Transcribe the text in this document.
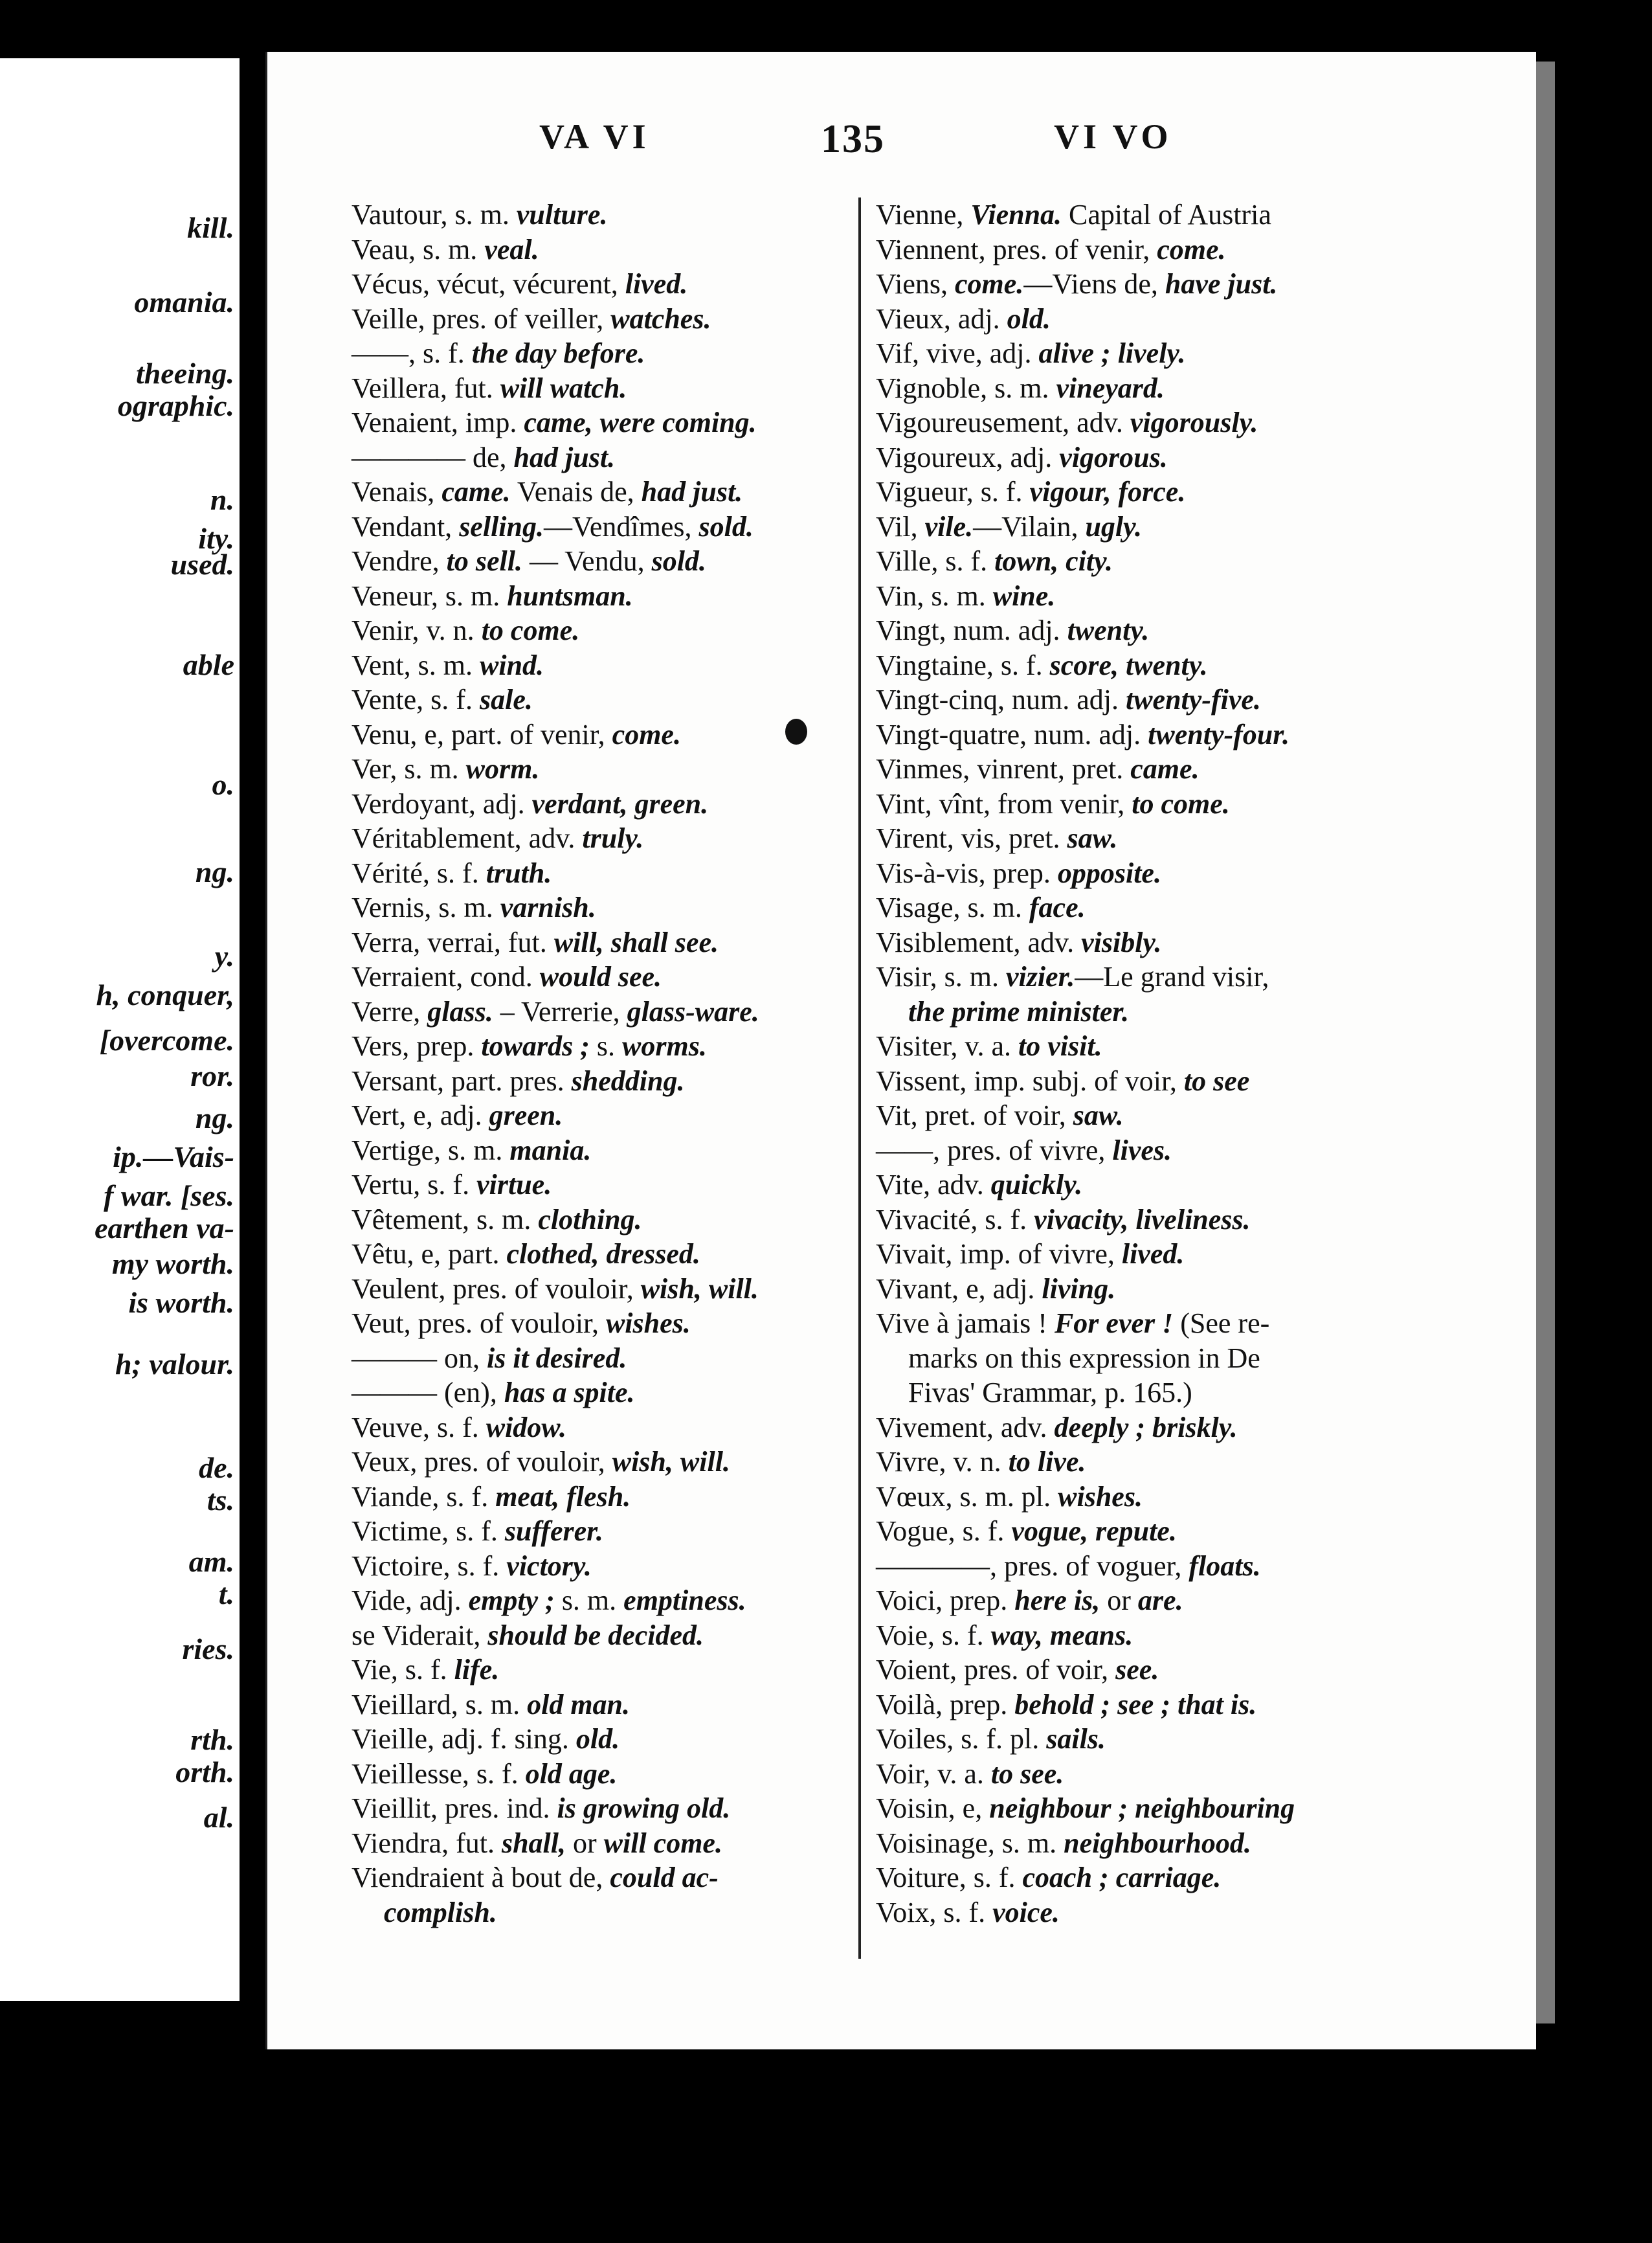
kill.
omania.
theeing.
ographic.
n.
ity.
used.
able
o.
ng.
y.
h, conquer,
[overcome.
ror.
ng.
ip.—Vais-
f war. [ses.
earthen va-
my worth.
is worth.
h; valour.
de.
ts.
am.
t.
ries.
rth.
orth.
al.
VA VI	135	VI VO
Vautour, s. m. vulture.
Veau, s. m. veal.
Vécus, vécut, vécurent, lived.
Veille, pres. of veiller, watches.
——, s. f. the day before.
Veillera, fut. will watch.
Venaient, imp. came, were coming.
———— de, had just.
Venais, came. Venais de, had just.
Vendant, selling.—Vendîmes, sold.
Vendre, to sell. — Vendu, sold.
Veneur, s. m. huntsman.
Venir, v. n. to come.
Vent, s. m. wind.
Vente, s. f. sale.
Venu, e, part. of venir, come.
Ver, s. m. worm.
Verdoyant, adj. verdant, green.
Véritablement, adv. truly.
Vérité, s. f. truth.
Vernis, s. m. varnish.
Verra, verrai, fut. will, shall see.
Verraient, cond. would see.
Verre, glass. – Verrerie, glass-ware.
Vers, prep. towards ; s. worms.
Versant, part. pres. shedding.
Vert, e, adj. green.
Vertige, s. m. mania.
Vertu, s. f. virtue.
Vêtement, s. m. clothing.
Vêtu, e, part. clothed, dressed.
Veulent, pres. of vouloir, wish, will.
Veut, pres. of vouloir, wishes.
——— on, is it desired.
——— (en), has a spite.
Veuve, s. f. widow.
Veux, pres. of vouloir, wish, will.
Viande, s. f. meat, flesh.
Victime, s. f. sufferer.
Victoire, s. f. victory.
Vide, adj. empty ; s. m. emptiness.
se Viderait, should be decided.
Vie, s. f. life.
Vieillard, s. m. old man.
Vieille, adj. f. sing. old.
Vieillesse, s. f. old age.
Vieillit, pres. ind. is growing old.
Viendra, fut. shall, or will come.
Viendraient à bout de, could ac-
complish.
Vienne, Vienna. Capital of Austria
Viennent, pres. of venir, come.
Viens, come.—Viens de, have just.
Vieux, adj. old.
Vif, vive, adj. alive ; lively.
Vignoble, s. m. vineyard.
Vigoureusement, adv. vigorously.
Vigoureux, adj. vigorous.
Vigueur, s. f. vigour, force.
Vil, vile.—Vilain, ugly.
Ville, s. f. town, city.
Vin, s. m. wine.
Vingt, num. adj. twenty.
Vingtaine, s. f. score, twenty.
Vingt-cinq, num. adj. twenty-five.
Vingt-quatre, num. adj. twenty-four.
Vinmes, vinrent, pret. came.
Vint, vînt, from venir, to come.
Virent, vis, pret. saw.
Vis-à-vis, prep. opposite.
Visage, s. m. face.
Visiblement, adv. visibly.
Visir, s. m. vizier.—Le grand visir,
the prime minister.
Visiter, v. a. to visit.
Vissent, imp. subj. of voir, to see
Vit, pret. of voir, saw.
——, pres. of vivre, lives.
Vite, adv. quickly.
Vivacité, s. f. vivacity, liveliness.
Vivait, imp. of vivre, lived.
Vivant, e, adj. living.
Vive à jamais ! For ever ! (See re-
marks on this expression in De
Fivas' Grammar, p. 165.)
Vivement, adv. deeply ; briskly.
Vivre, v. n. to live.
Vœux, s. m. pl. wishes.
Vogue, s. f. vogue, repute.
————, pres. of voguer, floats.
Voici, prep. here is, or are.
Voie, s. f. way, means.
Voient, pres. of voir, see.
Voilà, prep. behold ; see ; that is.
Voiles, s. f. pl. sails.
Voir, v. a. to see.
Voisin, e, neighbour ; neighbouring
Voisinage, s. m. neighbourhood.
Voiture, s. f. coach ; carriage.
Voix, s. f. voice.
